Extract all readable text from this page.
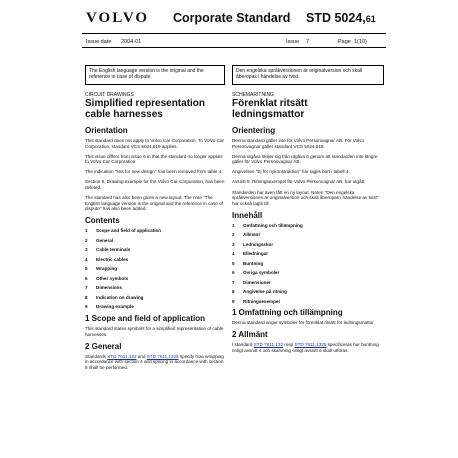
VOLVO Corporate Standard STD 5024,61
Issue date 2004-01	Issue 7	Page 1(10)
The English language version is the original and the reference in case of dispute.
Den engelska språkversionen är originalversion och skall åberopas i händelse av tvist.
CIRCUIT DRAWINGS
Simplified representation cable harnesses
Orientation
This standard does not apply to Volvo Car Corporation. To Volvo Car Corporation, standard VCS 5024,619 applies.
This issue differs from issue 6 in that the standard no longer applies to Volvo Car Corporation.
The indication "Not for new design" has been removed from table 4.
Section 9, Drawing example for the Volvo Car Corporation, has been deleted.
The standard has also been given a new layout. The note "The English language version is the original and the reference in case of dispute" has also been added.
Contents
1	Scope and field of application
2	General
3	Cable terminals
4	Electric cables
5	Wrapping
6	Other symbols
7	Dimensions
8	Indication on drawing
9	Drawing example
1 Scope and field of application
This standard states symbols for a simplified representation of cable harnesses.
2 General
Standards STD 7611,132 and STD 7611,1325 specify how wrapping in accordance with section 4 and splicing in accordance with section 6 shall be performed.
SCHEMARITNING
Förenklat ritsätt ledningsmattor
Orientering
Denna standard gäller inte för Volvo Personvagnar AB. För Volvo Personvagnar gäller standard VCS 5024,619.
Denna utgåva skiljer sig från utgåva 6 genom att standarden inte längre gäller för Volvo Personvagnar AB.
Angivelsen "Ej för nykonstruktion" har tagits bort i tabell 4.
Avsnitt 9, Ritningsexempel för Volvo Personvagnar AB, har utgått.
Standarden har även fått en ny layout. Noten "Den engelska språkversionen är originalversion och skall åberopas i händelse av tvist" har också lagts till.
Innehåll
1	Omfattning och tillämpning
2	Allmänt
3	Ledningsskor
4	Elledningar
5	Buntning
6	Övriga symboler
7	Dimensioner
8	Angivelse på ritning
9	Ritningsexempel
1 Omfattning och tillämpning
Denna standard anger symboler för förenklat ritsätt för ledningsmattor.
2 Allmänt
I standard STD 7611,132 resp STD 7611,1325 specificeras hur buntning enligt avsnitt 4 och skarvning enligt avsnitt 6 skall utföras.
